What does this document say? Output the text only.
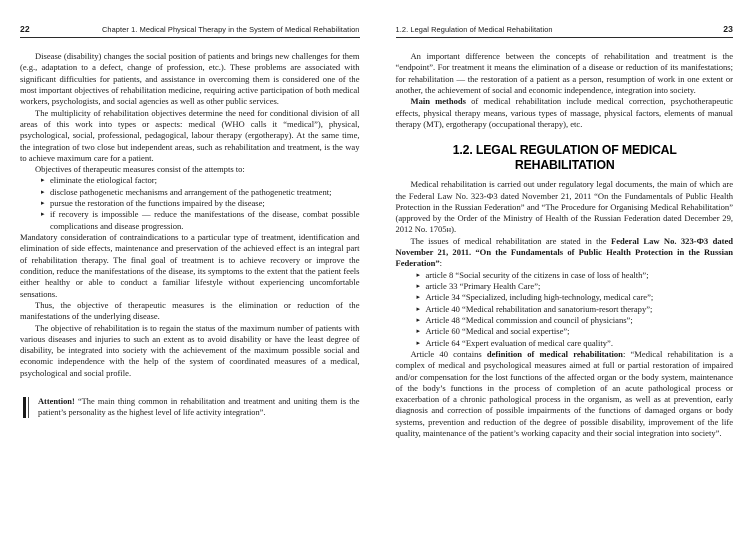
22	Chapter 1. Medical Physical Therapy in the System of Medical Rehabilitation

Disease (disability) changes the social position of patients and brings new challenges for them (e.g., adaptation to a defect, change of profession, etc.). These problems are associated with significant difficulties for patients, and assistance in overcoming them is considered one of the most important objectives of rehabilitation medicine, requiring active participation of both medical workers, psychologists, and social agencies as well as other public services.

The multiplicity of rehabilitation objectives determine the need for conditional division of all areas of this work into types or aspects: medical (WHO calls it “medical”), physical, psychological, social, professional, pedagogical, labour therapy (ergotherapy). At the same time, the integration of two close but independent areas, such as rehabilitation and treatment, is the way to achieve maximum care for a patient.

Objectives of therapeutic measures consist of the attempts to:

▸ eliminate the etiological factor;
▸ disclose pathogenetic mechanisms and arrangement of the pathogenetic treatment;
▸ pursue the restoration of the functions impaired by the disease;
▸ if recovery is impossible — reduce the manifestations of the disease, combat possible complications and disease progression.

Mandatory consideration of contraindications to a particular type of treatment, identification and elimination of side effects, maintenance and preservation of the achieved effect is an integral part of rehabilitation therapy. The final goal of treatment is to achieve recovery or improve the condition, reduce the manifestations of the disease, its symptoms to the extent that the patient feels either healthy or able to conduct a familiar lifestyle without experiencing uncomfortable sensations.

Thus, the objective of therapeutic measures is the elimination or reduction of the manifestations of the underlying disease.

The objective of rehabilitation is to regain the status of the maximum number of patients with various diseases and injuries to such an extent as to avoid disability or have the least degree of disability, be integrated into society with the achievement of the maximum possible social and economic independence with the help of the system of coordinated measures of a medical, psychological and social profile.

Attention! “The main thing common in rehabilitation and treatment and uniting them is the patient’s personality as the highest level of life activity integration”.

1.2. Legal Regulation of Medical Rehabilitation	23

An important difference between the concepts of rehabilitation and treatment is the “endpoint”. For treatment it means the elimination of a disease or reduction of its manifestations; for rehabilitation — the restoration of a patient as a person, resumption of work in one extent or another, the achievement of social and economic independence, integration into society.

Main methods of medical rehabilitation include medical correction, psychotherapeutic effects, physical therapy means, various types of massage, physical factors, elements of manual therapy (MT), ergotherapy (occupational therapy), etc.

1.2. LEGAL REGULATION OF MEDICAL REHABILITATION

Medical rehabilitation is carried out under regulatory legal documents, the main of which are the Federal Law No. 323-Ф3 dated November 21, 2011 “On the Fundamentals of Public Health Protection in the Russian Federation” and “The Procedure for Organising Medical Rehabilitation” (approved by the Order of the Ministry of Health of the Russian Federation dated December 29, 2012 No. 1705н).

The issues of medical rehabilitation are stated in the Federal Law No. 323-Ф3 dated November 21, 2011. “On the Fundamentals of Public Health Protection in the Russian Federation”:

▸ article 8 “Social security of the citizens in case of loss of health”;
▸ article 33 “Primary Health Care”;
▸ Article 34 “Specialized, including high-technology, medical care”;
▸ Article 40 “Medical rehabilitation and sanatorium-resort therapy”;
▸ Article 48 “Medical commission and council of physicians”;
▸ Article 60 “Medical and social expertise”;
▸ Article 64 “Expert evaluation of medical care quality”.

Article 40 contains definition of medical rehabilitation: “Medical rehabilitation is a complex of medical and psychological measures aimed at full or partial restoration of impaired and/or compensation for the lost functions of the affected organ or the body system, maintenance of the body’s functions in the process of completion of an acute pathological process or exacerbation of a chronic pathological process in the organism, as well as at prevention, early diagnosis and correction of possible impairments of the functions of damaged organs or body systems, prevention and reduction of the degree of possible disability, improvement of the life quality, maintenance of the patient’s working capacity and their social integration into society”.
